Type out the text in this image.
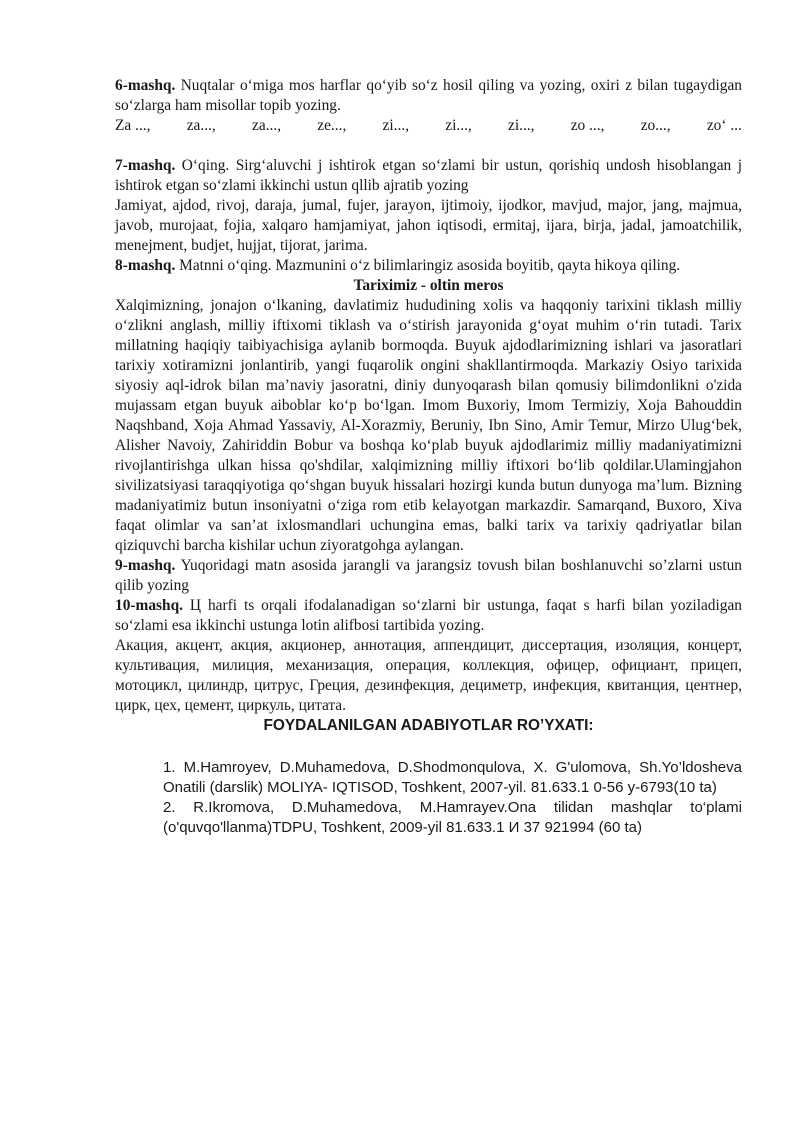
6-mashq. Nuqtalar o‘miga mos harflar qo‘yib so‘z hosil qiling va yozing, oxiri z bilan tugaydigan so‘zlarga ham misollar topib yozing.

Za ..., za..., za..., ze..., zi..., zi..., zi..., zo ..., zo..., zo‘ ...

7-mashq. O‘qing. Sirg‘aluvchi j ishtirok etgan so‘zlami bir ustun, qorishiq undosh hisoblangan j ishtirok etgan so‘zlami ikkinchi ustun qllib ajratib yozing

Jamiyat, ajdod, rivoj, daraja, jumal, fujer, jarayon, ijtimoiy, ijodkor, mavjud, major, jang, majmua, javob, murojaat, fojia, xalqaro hamjamiyat, jahon iqtisodi, ermitaj, ijara, birja, jadal, jamoatchilik, menejment, budjet, hujjat, tijorat, jarima.

8-mashq. Matnni o‘qing. Mazmunini o‘z bilimlaringiz asosida boyitib, qayta hikoya qiling.

Tariximiz - oltin meros

Xalqimizning, jonajon o‘lkaning, davlatimiz hududining xolis va haqqoniy tarixini tiklash milliy o‘zlikni anglash, milliy iftixomi tiklash va o‘stirish jarayonida g‘oyat muhim o‘rin tutadi. Tarix millatning haqiqiy taibiyachisiga aylanib bormoqda. Buyuk ajdodlarimizning ishlari va jasoratlari tarixiy xotiramizni jonlantirib, yangi fuqarolik ongini shakllantirmoqda. Markaziy Osiyo tarixida siyosiy aql-idrok bilan ma’naviy jasoratni, diniy dunyoqarash bilan qomusiy bilimdonlikni o'zida mujassam etgan buyuk aiboblar ko‘p bo‘lgan. Imom Buxoriy, Imom Termiziy, Xoja Bahouddin Naqshband, Xoja Ahmad Yassaviy, Al-Xorazmiy, Beruniy, Ibn Sino, Amir Temur, Mirzo Ulug‘bek, Alisher Navoiy, Zahiriddin Bobur va boshqa ko‘plab buyuk ajdodlarimiz milliy madaniyatimizni rivojlantirishga ulkan hissa qo'shdilar, xalqimizning milliy iftixori bo‘lib qoldilar.Ulamingjahon sivilizatsiyasi taraqqiyotiga qo‘shgan buyuk hissalari hozirgi kunda butun dunyoga ma’lum. Bizning madaniyatimiz butun insoniyatni o‘ziga rom etib kelayotgan markazdir. Samarqand, Buxoro, Xiva faqat olimlar va san’at ixlosmandlari uchungina emas, balki tarix va tarixiy qadriyatlar bilan qiziquvchi barcha kishilar uchun ziyoratgohga aylangan.

9-mashq. Yuqoridagi matn asosida jarangli va jarangsiz tovush bilan boshlanuvchi so’zlarni ustun qilib yozing

10-mashq. Ц harfi ts orqali ifodalanadigan so‘zlarni bir ustunga, faqat s harfi bilan yoziladigan so‘zlami esa ikkinchi ustunga lotin alifbosi tartibida yozing.

Акация, акцент, акция, акционер, аннотация, аппендицит, диссертация, изоляция, концерт, культивация, милиция, механизация, операция, коллекция, офицер, официант, прицеп, мотоцикл, цилиндр, цитрус, Греция, дезинфекция, дециметр, инфекция, квитанция, центнер, цирк, цех, цемент, циркуль, цитата.

FOYDALANILGAN ADABIYOTLAR RO’YXATI:

1. M.Hamroyev, D.Muhamedova, D.Shodmonqulova, X. G'ulomova, Sh.Yo’ldosheva Onatili (darslik) MOLIYA- IQTISOD, Toshkent, 2007-yil. 81.633.1 0-56 y-6793(10 ta)

2. R.Ikromova, D.Muhamedova, M.Hamrayev.Ona tilidan mashqlar to‘plami (o'quvqo'llanma)TDPU, Toshkent, 2009-yil 81.633.1 И 37 921994 (60 ta)
